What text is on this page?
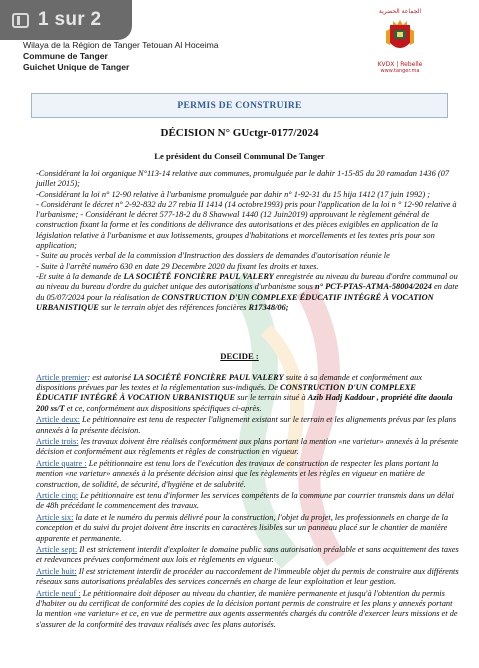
1 sur 2
Wilaya de la Région de Tanger Tetouan Al Hoceima
Commune de Tanger
Guichet Unique de Tanger
الجماعة الحضرية
KVDX | Rebelle
www.tanger.ma
PERMIS DE CONSTRUIRE
DÉCISION N° GUctgr-0177/2024
Le président du Conseil Communal De Tanger

-Considérant la loi organique N°113-14 relative aux communes, promulguée par le dahir 1-15-85 du 20 ramadan 1436 (07 juillet 2015);

-Considérant la loi n° 12-90 relative à l'urbanisme promulguée par dahir n° 1-92-31 du 15 hija 1412 (17 juin 1992) ;

- Considérant le décret n° 2-92-832 du 27 rebia II 1414 (14 octobre1993) pris pour l'application de la loi n ° 12-90 relative à l'urbanisme; - Considérant le décret 577-18-2 du 8 Shawwal 1440 (12 Juin2019) approuvant le règlement général de construction fixant la forme et les conditions de délivrance des autorisations et des pièces exigibles en application de la législation relative à l'urbanisme et aux lotissements, groupes d'habitations et morcellements et les textes pris pour son application;

- Suite au procès verbal de la commission d'Instruction des dossiers de demandes d'autorisation réunie le

- Suite à l'arrêté numéro 630 en date 29 Decembre 2020 du fixant les droits et taxes.

-Et suite à la demande de LA SOCIÉTÉ FONCIÈRE PAUL VALERY enregistrée au niveau du bureau d'ordre communal ou au niveau du bureau d'ordre du guichet unique des autorisations d'urbanisme sous n° PCT-PTAS-ATMA-58004/2024 en date du 05/07/2024 pour la réalisation de CONSTRUCTION D'UN COMPLEXE ÉDUCATIF INTÉGRÉ À VOCATION URBANISTIQUE sur le terrain objet des références foncières R17348/06;

DECIDE :

Article premier: est autorisé LA SOCIÉTÉ FONCIÈRE PAUL VALERY suite à sa demande et conformément aux dispositions prévues par les textes et la réglementation sus-indiqués. De CONSTRUCTION D'UN COMPLEXE ÉDUCATIF INTÉGRÉ À VOCATION URBANISTIQUE sur le terrain situé à Azib Hadj Kaddour , propriété dite daoula 200 ss/T et ce, conformément aux dispositions spécifiques ci-après.

Article deux: Le pétitionnaire est tenu de respecter l'alignement existant sur le terrain et les alignements prévus par les plans annexés à la présente décision.

Article trois: les travaux doivent être réalisés conformément aux plans portant la mention «ne varietur» annexés à la présente décision et conformément aux règlements et règles de construction en vigueur.

Article quatre : Le pétitionnaire est tenu lors de l'exécution des travaux de construction de respecter les plans portant la mention «ne varietur» annexés à la présente décision ainsi que les règlements et les règles en vigueur en matière de construction, de solidité, de sécurité, d'hygiène et de salubrité.

Article cinq: Le pétitionnaire est tenu d'informer les services compétents de la commune par courrier transmis dans un délai de 48h précédant le commencement des travaux.

Article six: la date et le numéro du permis délivré pour la construction, l'objet du projet, les professionnels en charge de la conception et du suivi du projet doivent être inscrits en caractères lisibles sur un panneau placé sur le chantier de manière apparente et permanente.

Article sept: Il est strictement interdit d'exploiter le domaine public sans autorisation préalable et sans acquittement des taxes et redevances prévues conformément aux lois et règlements en vigueur.

Article huit: Il est strictement interdit de procéder au raccordement de l'immeuble objet du permis de construire aux différents réseaux sans autorisations préalables des services concernés en charge de leur exploitation et leur gestion.

Article neuf : Le pétitionnaire doit déposer au niveau du chantier, de manière permanente et jusqu'à l'obtention du permis d'habiter ou du certificat de conformité des copies de la décision portant permis de construire et les plans y annexés portant la mention «ne varietur» et ce, en vue de permettre aux agents assermentés chargés du contrôle d'exercer leurs missions et de s'assurer de la conformité des travaux réalisés avec les plans autorisés.
